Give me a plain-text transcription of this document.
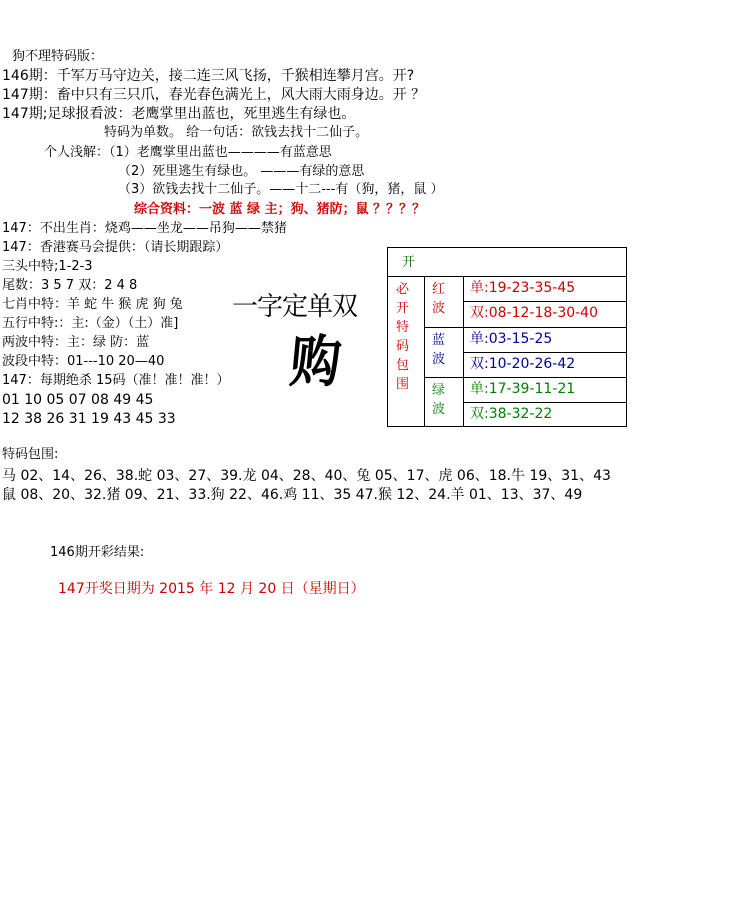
狗不理特码版：
146期：千军万马守边关，接二连三风飞扬，千猴相连攀月宫。开?
147期：畜中只有三只爪，春光春色满光上，风大雨大雨身边。开 ？
147期;足球报看波：老鹰掌里出蓝也，死里逃生有绿也。
特码为单数。 给一句话：欲钱去找十二仙子。
个人浅解：（1）老鹰掌里出蓝也————有蓝意思
（2）死里逃生有绿也。 ———有绿的意思
（3）欲钱去找十二仙子。——十二---有（狗，猪，鼠 ）
综合资料：一波 蓝 绿 主；狗、猪防；鼠 ？？？？
147：不出生肖：烧鸡——坐龙——吊狗——禁猪
147：香港赛马会提供：（请长期跟踪）
三头中特;1-2-3
尾数：3 5 7 双：2 4 8
七肖中特：羊 蛇 牛 猴 虎 狗 兔
五行中特:：主:（金）（土）准]
两波中特：主：绿 防：蓝
波段中特：01---10 20—40
147：每期绝杀 15码（准！准！准！）
01 10 05 07 08 49 45
12 38 26 31 19 43 45 33
一字定单双
购
开
必开特码包围
红波
单:19-23-35-45
双:08-12-18-30-40
蓝波
单:03-15-25
双:10-20-26-42
绿波
单:17-39-11-21
双:38-32-22
特码包围:
马 02、14、26、38.蛇 03、27、39.龙 04、28、40、兔 05、17、虎 06、18.牛 19、31、43
鼠 08、20、32.猪 09、21、33.狗 22、46.鸡 11、35 47.猴 12、24.羊 01、13、37、49
146期开彩结果:
147开奖日期为 2015 年 12 月 20 日（星期日）
